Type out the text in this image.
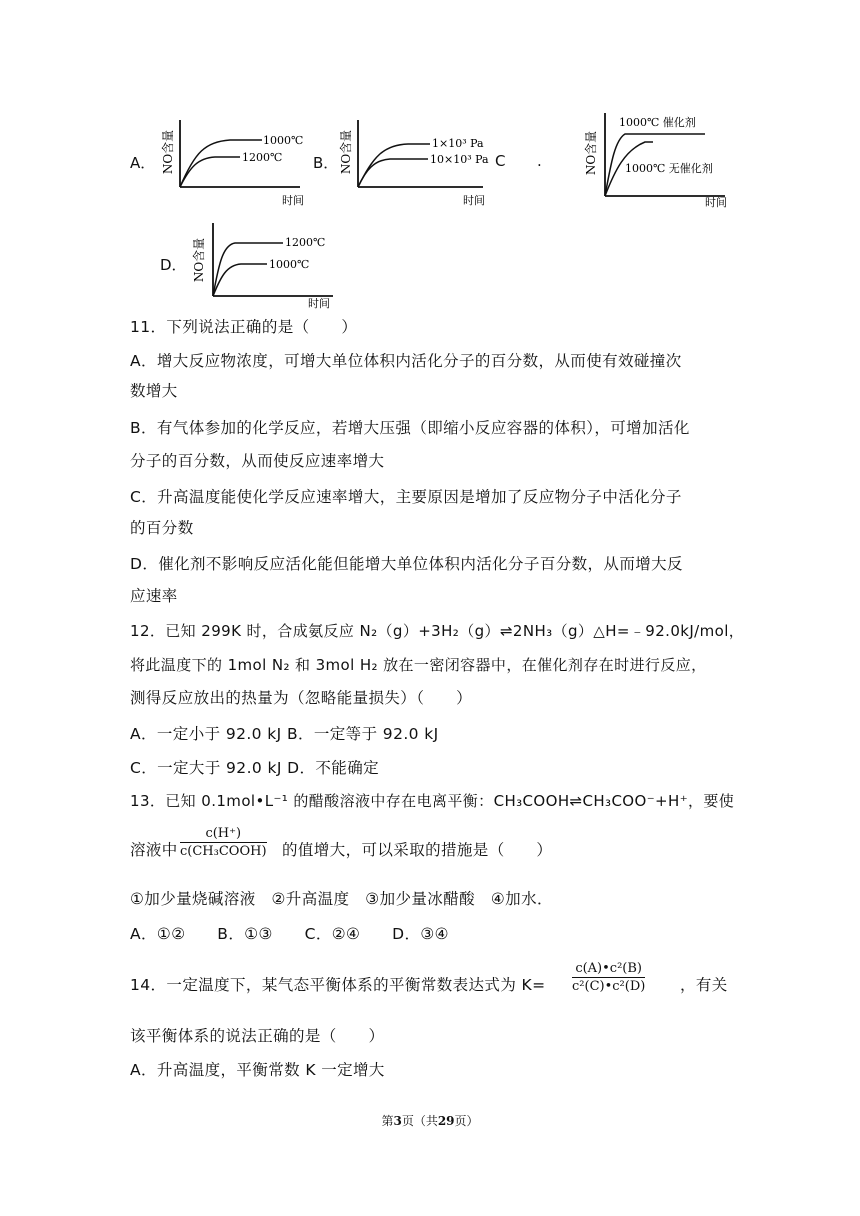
A． NO含量	1000℃
1200℃
时间
B． NO含量	1×10³ Pa
10×10³ Pa
时间
C .	NO含量
1000℃ 催化剂
1000℃ 无催化剂
时间
D． NO含量	1200℃
1000℃
时间
11．下列说法正确的是（　　）
A．增大反应物浓度，可增大单位体积内活化分子的百分数，从而使有效碰撞次
数增大
B．有气体参加的化学反应，若增大压强（即缩小反应容器的体积），可增加活化
分子的百分数，从而使反应速率增大
C．升高温度能使化学反应速率增大，主要原因是增加了反应物分子中活化分子
的百分数
D．催化剂不影响反应活化能但能增大单位体积内活化分子百分数，从而增大反
应速率
12．已知 299K 时，合成氨反应 N₂（g）+3H₂（g）⇌2NH₃（g）△H=﹣92.0kJ/mol，
将此温度下的 1mol N₂ 和 3mol H₂ 放在一密闭容器中，在催化剂存在时进行反应，
测得反应放出的热量为（忽略能量损失）（　　）
A．一定小于 92.0 kJ B．一定等于 92.0 kJ
C．一定大于 92.0 kJ D．不能确定
13．已知 0.1mol•L⁻¹ 的醋酸溶液中存在电离平衡：CH₃COOH⇌CH₃COO⁻+H⁺，要使
溶液中
c(H⁺)
c(CH₃COOH) 的值增大，可以采取的措施是（　　）
①加少量烧碱溶液　②升高温度　③加少量冰醋酸　④加水．
A．①②　　B．①③　　C．②④　　D．③④
14．一定温度下，某气态平衡体系的平衡常数表达式为 $K= \frac{\text{c(A)•c²(B)}}{\text{c²(C)•c²(D)}}$ ，有关
该平衡体系的说法正确的是（　　）
A．升高温度，平衡常数 K 一定增大
第3页（共29页）
